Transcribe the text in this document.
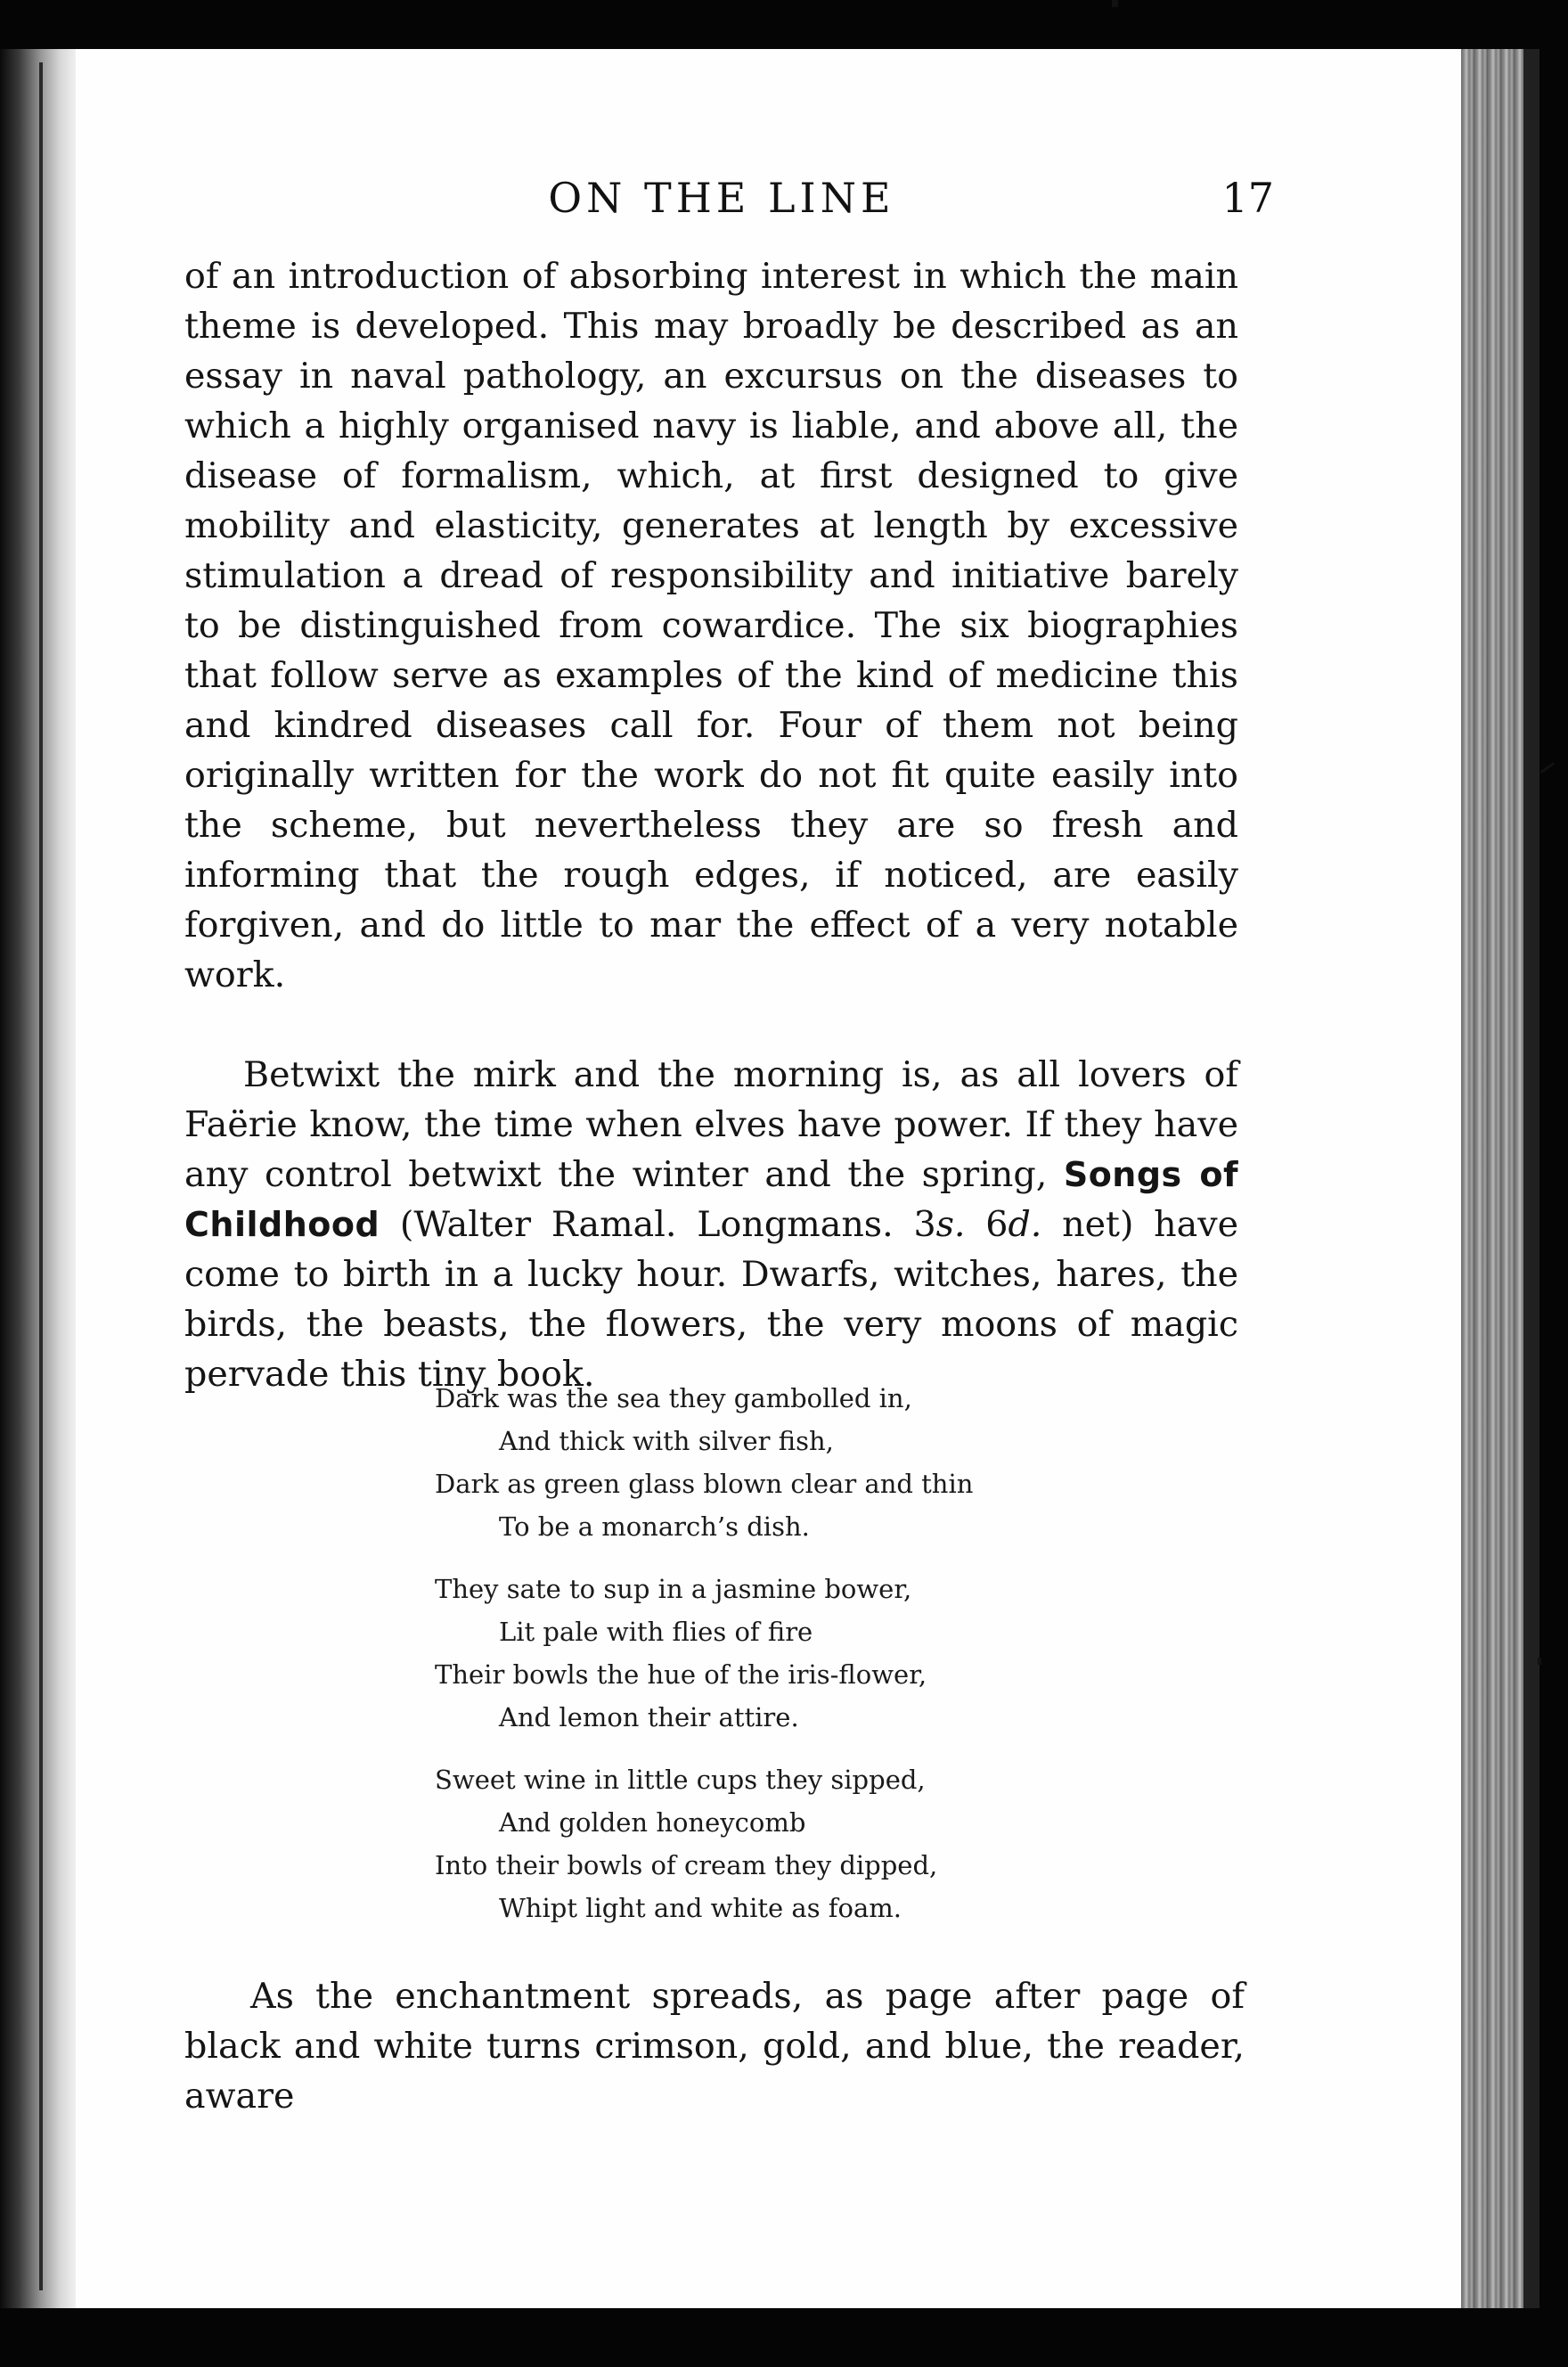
ON THE LINE	17

of an introduction of absorbing interest in which the main theme is developed. This may broadly be described as an essay in naval pathology, an excursus on the diseases to which a highly organised navy is liable, and above all, the disease of formalism, which, at first designed to give mobility and elasticity, generates at length by excessive stimulation a dread of responsibility and initiative barely to be distinguished from cowardice. The six biographies that follow serve as examples of the kind of medicine this and kindred diseases call for. Four of them not being originally written for the work do not fit quite easily into the scheme, but nevertheless they are so fresh and informing that the rough edges, if noticed, are easily forgiven, and do little to mar the effect of a very notable work.

Betwixt the mirk and the morning is, as all lovers of Faërie know, the time when elves have power. If they have any control betwixt the winter and the spring, Songs of Childhood (Walter Ramal. Longmans. 3s. 6d. net) have come to birth in a lucky hour. Dwarfs, witches, hares, the birds, the beasts, the flowers, the very moons of magic pervade this tiny book.

Dark was the sea they gambolled in,
And thick with silver fish,
Dark as green glass blown clear and thin
To be a monarch’s dish.
They sate to sup in a jasmine bower,
Lit pale with flies of fire
Their bowls the hue of the iris-flower,
And lemon their attire.
Sweet wine in little cups they sipped,
And golden honeycomb
Into their bowls of cream they dipped,
Whipt light and white as foam.

As the enchantment spreads, as page after page of black and white turns crimson, gold, and blue, the reader, aware
